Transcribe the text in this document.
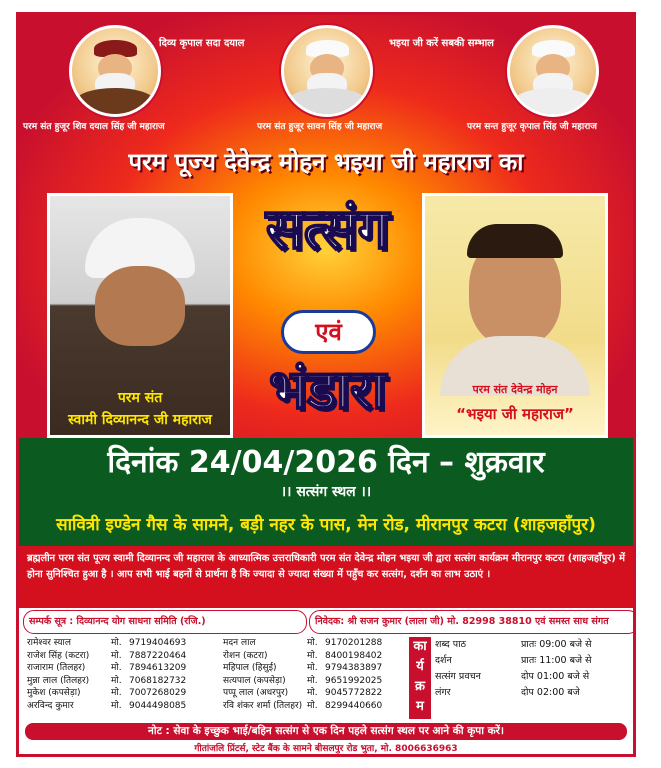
दिव्य कृपाल सदा दयाल	भइया जी करें सबकी सम्भाल
परम संत हुजूर शिव दयाल सिंह जी महाराज	परम संत हुजूर सावन सिंह जी महाराज	परम सन्त हुजूर कृपाल सिंह जी महाराज
परम पूज्य देवेन्द्र मोहन भइया जी महाराज का
परम संत
स्वामी दिव्यानन्द जी महाराज
परम संत देवेन्द्र मोहन
“भइया जी महाराज”
सत्संग
एवं
भंडारा
दिनांक 24/04/2026 दिन – शुक्रवार
।। सत्संग स्थल ।।
सावित्री इण्डेन गैस के सामने, बड़ी नहर के पास, मेन रोड, मीरानपुर कटरा (शाहजहाँपुर)
ब्रह्मलीन परम संत पूज्य स्वामी दिव्यानन्द जी महाराज के आध्यात्मिक उत्तराधिकारी परम संत देवेन्द्र मोहन भइया जी द्वारा सत्संग कार्यक्रम मीरानपुर कटरा (शाहजहाँपुर) में होना सुनिश्चित हुआ है । आप सभी भाई बहनों से प्रार्थना है कि ज्यादा से ज्यादा संख्या में पहुँच कर सत्संग, दर्शन का लाभ उठाएं ।
सम्पर्क सूत्र : दिव्यानन्द योग साधना समिति (रजि.)	निवेदक: श्री सजन कुमार (लाला जी) मो. 82998 38810 एवं समस्त साध संगत
रामेश्वर स्याल	मो. 9719404693
राजेश सिंह (कटरा)	मो. 7887220464
राजाराम (तिलहर)	मो. 7894613209
मुन्ना लाल (तिलहर)	मो. 7068182732
मुकेश (कपसेड़ा)	मो. 7007268029
अरविन्द कुमार	मो. 9044498085
मदन लाल	मो. 9170201288
रोशन (कटरा)	मो. 8400198402
महिपाल (हिसुई)	मो. 9794383897
सत्यपाल (कपसेड़ा)	मो. 9651992025
पप्पू लाल (अधरपुर)	मो. 9045772822
रवि शंकर शर्मा (तिलहर) मो. 8299440660
का
र्य
क्र
म
शब्द पाठ	प्रातः 09:00 बजे से
दर्शन	प्रातः 11:00 बजे से
सत्संग प्रवचन	दोप 01:00 बजे से
लंगर	दोप 02:00 बजे
नोट : सेवा के इच्छुक भाई/बहिन सत्संग से एक दिन पहले सत्संग स्थल पर आने की कृपा करें।
गीतांजलि प्रिंटर्स, स्टेट बैंक के सामने बीसलपुर रोड भुता, मो. 8006636963
